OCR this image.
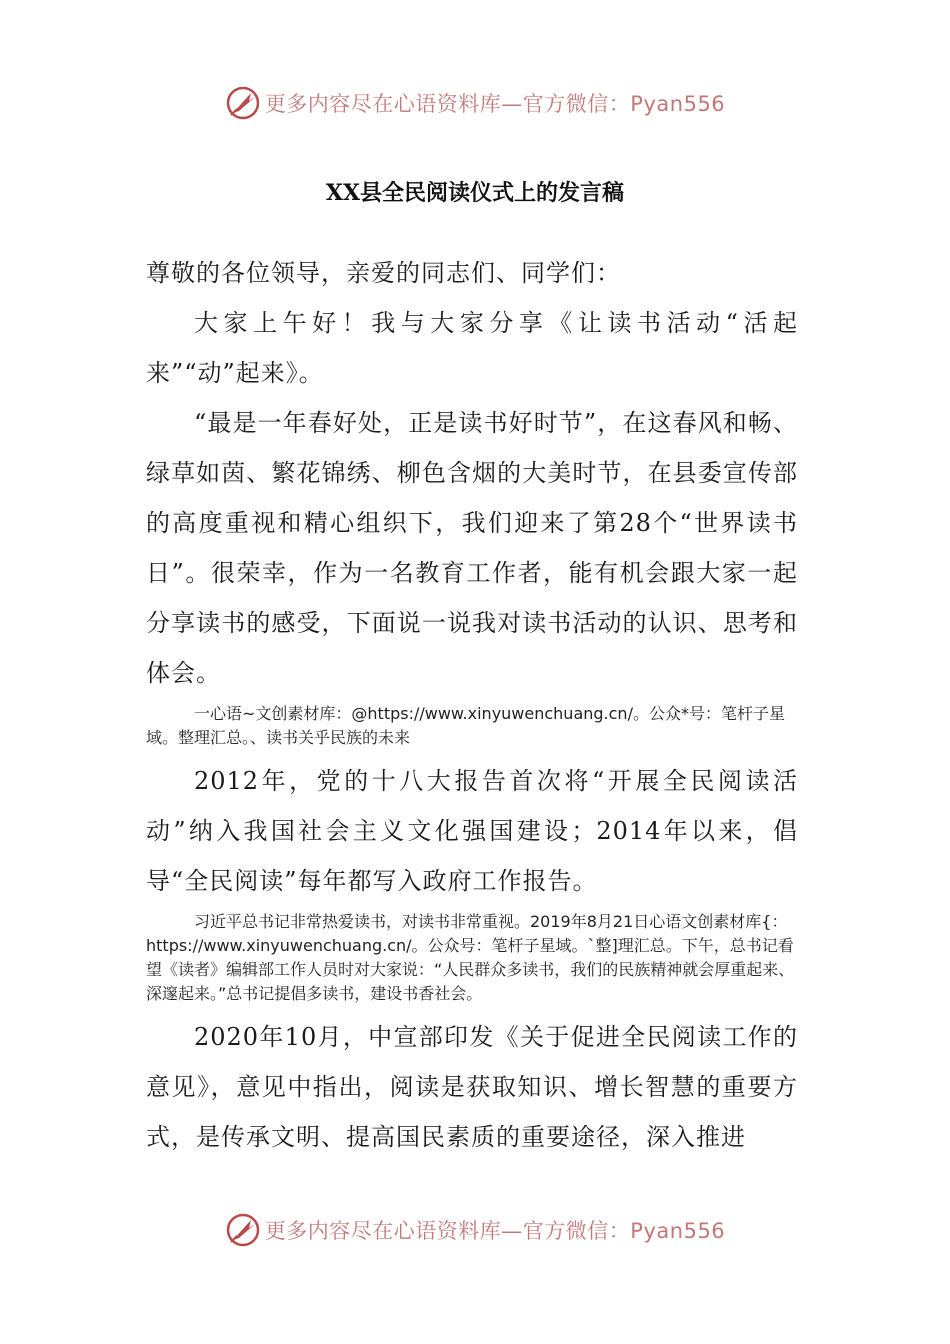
更多内容尽在心语资料库—官方微信：Pyan556
XX县全民阅读仪式上的发言稿

尊敬的各位领导，亲爱的同志们、同学们：

大家上午好！我与大家分享《让读书活动“活起来”“动”起来》。

“最是一年春好处，正是读书好时节”，在这春风和畅、绿草如茵、繁花锦绣、柳色含烟的大美时节，在县委宣传部的高度重视和精心组织下，我们迎来了第28个“世界读书日”。很荣幸，作为一名教育工作者，能有机会跟大家一起分享读书的感受，下面说一说我对读书活动的认识、思考和体会。

一心语~文创素材库：@https://www.xinyuwenchuang.cn/。公众*号：笔杆子星域。整理汇总。、读书关乎民族的未来

2012年，党的十八大报告首次将“开展全民阅读活动”纳入我国社会主义文化强国建设；2014年以来，倡导“全民阅读”每年都写入政府工作报告。

习近平总书记非常热爱读书，对读书非常重视。2019年8月21日心语文创素材库{：https://www.xinyuwenchuang.cn/。公众号：笔杆子星域。`整]理汇总。下午，总书记看望《读者》编辑部工作人员时对大家说：“人民群众多读书，我们的民族精神就会厚重起来、深邃起来。”总书记提倡多读书，建设书香社会。

2020年10月，中宣部印发《关于促进全民阅读工作的意见》，意见中指出，阅读是获取知识、增长智慧的重要方式，是传承文明、提高国民素质的重要途径，深入推进

更多内容尽在心语资料库—官方微信：Pyan556
